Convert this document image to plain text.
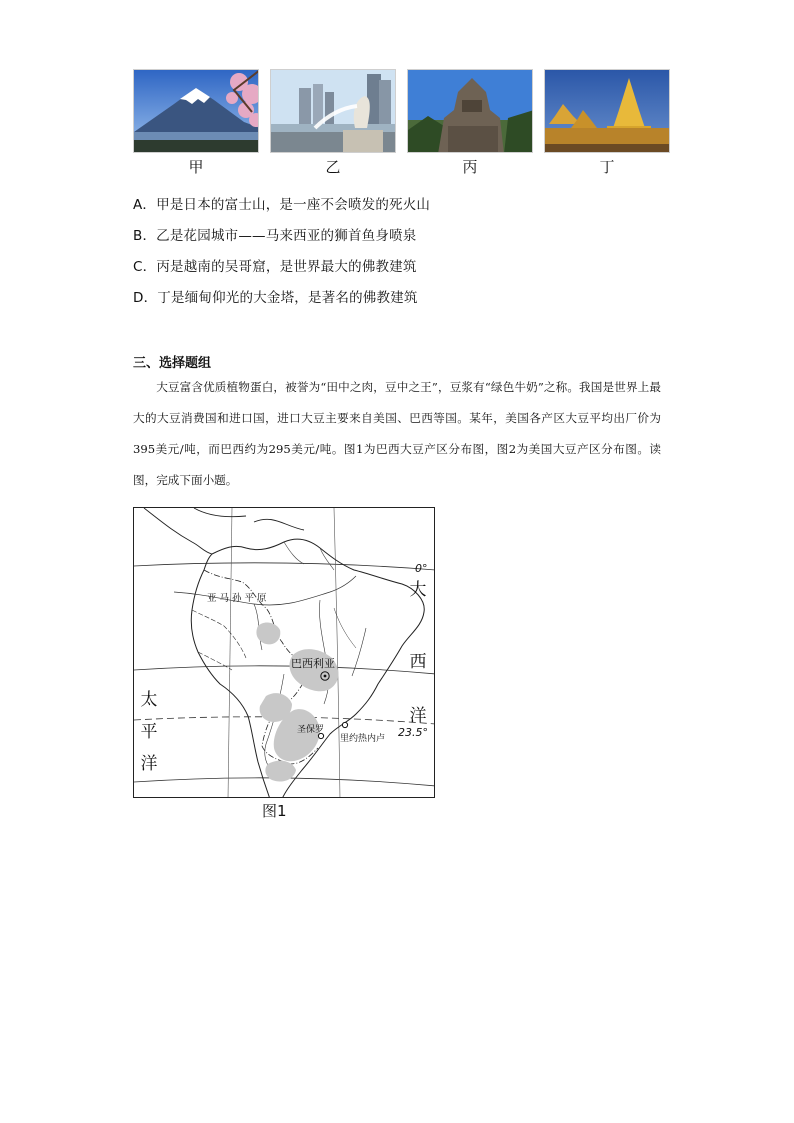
甲	乙	丙	丁
A．甲是日本的富士山，是一座不会喷发的死火山
B．乙是花园城市——马来西亚的狮首鱼身喷泉
C．丙是越南的吴哥窟，是世界最大的佛教建筑
D．丁是缅甸仰光的大金塔，是著名的佛教建筑
三、选择题组

大豆富含优质植物蛋白，被誉为“田中之肉，豆中之王”，豆浆有“绿色牛奶”之称。我国是世界上最大的大豆消费国和进口国，进口大豆主要来自美国、巴西等国。某年，美国各产区大豆平均出厂价为395美元/吨，而巴西约为295美元/吨。图1为巴西大豆产区分布图，图2为美国大豆产区分布图。读图，完成下面小题。

0°
亚马孙平原
巴西利亚
圣保罗
里约热内卢 23.5°
大
西
洋
太
平
洋
图1
